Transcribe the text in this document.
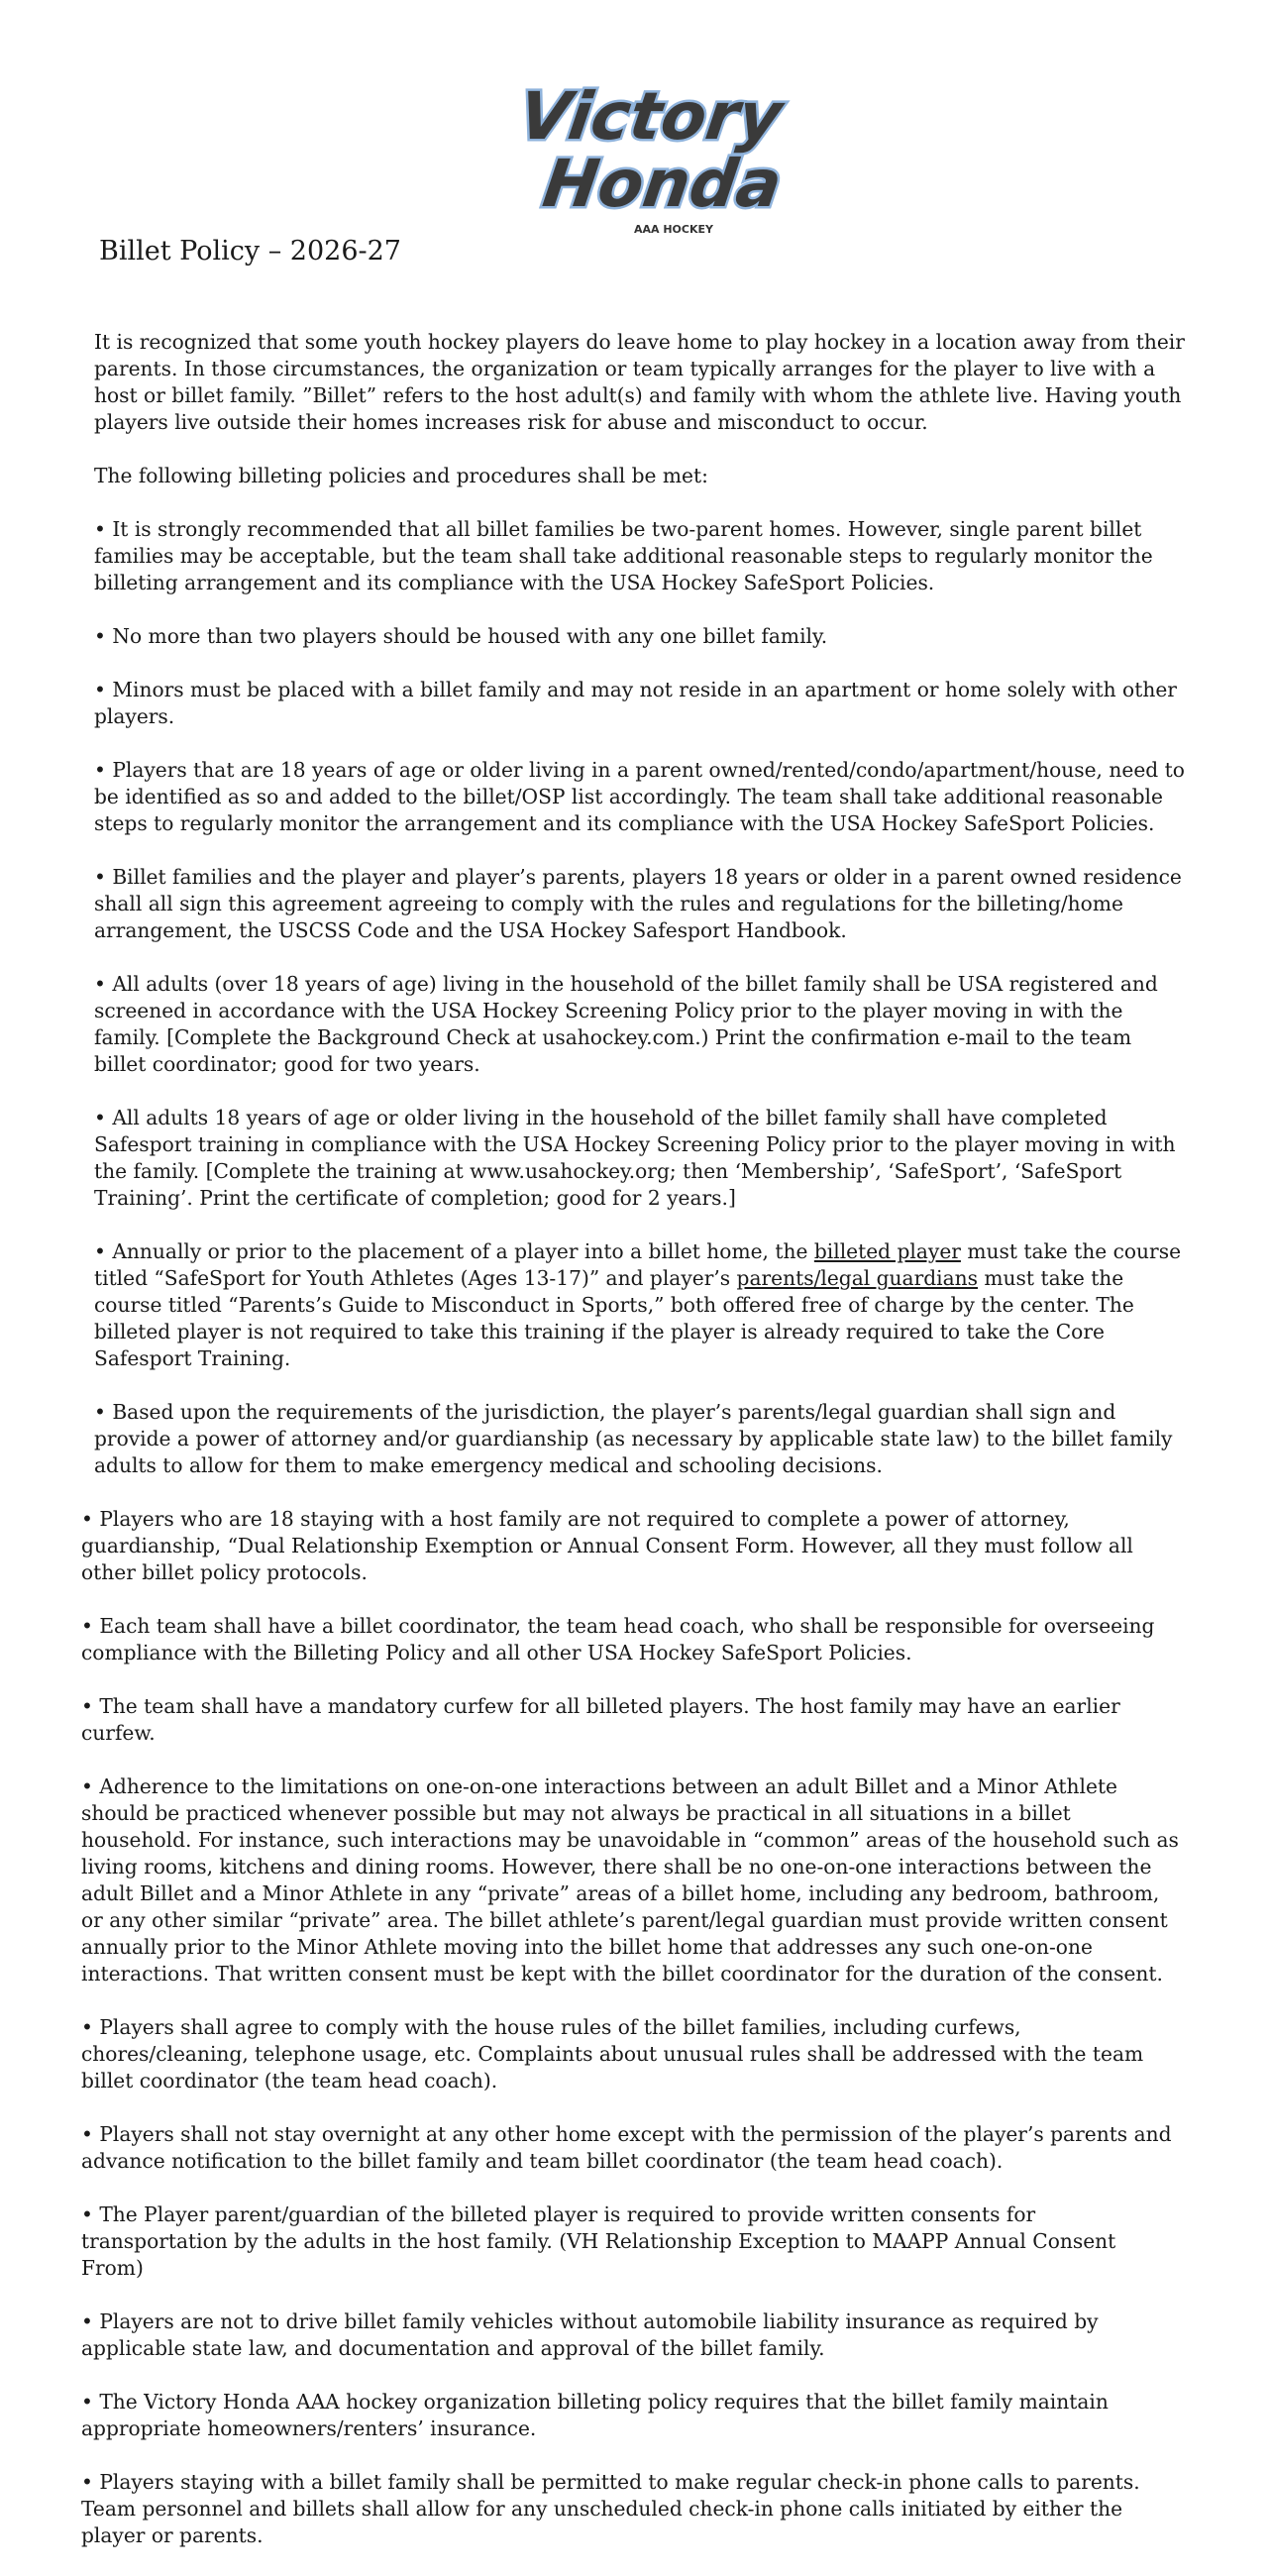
Victory
Honda
AAA HOCKEY
Billet Policy – 2026-27

It is recognized that some youth hockey players do leave home to play hockey in a location away from their parents. In those circumstances, the organization or team typically arranges for the player to live with a host or billet family. ”Billet” refers to the host adult(s) and family with whom the athlete live. Having youth players live outside their homes increases risk for abuse and misconduct to occur.

The following billeting policies and procedures shall be met:

• It is strongly recommended that all billet families be two-parent homes. However, single parent billet families may be acceptable, but the team shall take additional reasonable steps to regularly monitor the billeting arrangement and its compliance with the USA Hockey SafeSport Policies.

• No more than two players should be housed with any one billet family.

• Minors must be placed with a billet family and may not reside in an apartment or home solely with other players.

• Players that are 18 years of age or older living in a parent owned/rented/condo/apartment/house, need to be identified as so and added to the billet/OSP list accordingly. The team shall take additional reasonable steps to regularly monitor the arrangement and its compliance with the USA Hockey SafeSport Policies.

• Billet families and the player and player’s parents, players 18 years or older in a parent owned residence shall all sign this agreement agreeing to comply with the rules and regulations for the billeting/home arrangement, the USCSS Code and the USA Hockey Safesport Handbook.

• All adults (over 18 years of age) living in the household of the billet family shall be USA registered and screened in accordance with the USA Hockey Screening Policy prior to the player moving in with the family. [Complete the Background Check at usahockey.com.) Print the confirmation e-mail to the team billet coordinator; good for two years.

• All adults 18 years of age or older living in the household of the billet family shall have completed Safesport training in compliance with the USA Hockey Screening Policy prior to the player moving in with the family. [Complete the training at www.usahockey.org; then ‘Membership’, ‘SafeSport’, ‘SafeSport Training’. Print the certificate of completion; good for 2 years.]

• Annually or prior to the placement of a player into a billet home, the billeted player must take the course titled “SafeSport for Youth Athletes (Ages 13-17)” and player’s parents/legal guardians must take the course titled “Parents’s Guide to Misconduct in Sports,” both offered free of charge by the center. The billeted player is not required to take this training if the player is already required to take the Core Safesport Training.

• Based upon the requirements of the jurisdiction, the player’s parents/legal guardian shall sign and provide a power of attorney and/or guardianship (as necessary by applicable state law) to the billet family adults to allow for them to make emergency medical and schooling decisions.

• Players who are 18 staying with a host family are not required to complete a power of attorney, guardianship, “Dual Relationship Exemption or Annual Consent Form. However, all they must follow all other billet policy protocols.

• Each team shall have a billet coordinator, the team head coach, who shall be responsible for overseeing compliance with the Billeting Policy and all other USA Hockey SafeSport Policies.

• The team shall have a mandatory curfew for all billeted players. The host family may have an earlier curfew.

• Adherence to the limitations on one-on-one interactions between an adult Billet and a Minor Athlete should be practiced whenever possible but may not always be practical in all situations in a billet household. For instance, such interactions may be unavoidable in “common” areas of the household such as living rooms, kitchens and dining rooms. However, there shall be no one-on-one interactions between the adult Billet and a Minor Athlete in any “private” areas of a billet home, including any bedroom, bathroom, or any other similar “private” area. The billet athlete’s parent/legal guardian must provide written consent annually prior to the Minor Athlete moving into the billet home that addresses any such one-on-one interactions. That written consent must be kept with the billet coordinator for the duration of the consent.

• Players shall agree to comply with the house rules of the billet families, including curfews, chores/cleaning, telephone usage, etc. Complaints about unusual rules shall be addressed with the team billet coordinator (the team head coach).

• Players shall not stay overnight at any other home except with the permission of the player’s parents and advance notification to the billet family and team billet coordinator (the team head coach).

• The Player parent/guardian of the billeted player is required to provide written consents for transportation by the adults in the host family. (VH Relationship Exception to MAAPP Annual Consent From)

• Players are not to drive billet family vehicles without automobile liability insurance as required by applicable state law, and documentation and approval of the billet family.

• The Victory Honda AAA hockey organization billeting policy requires that the billet family maintain appropriate homeowners/renters’ insurance.

• Players staying with a billet family shall be permitted to make regular check-in phone calls to parents. Team personnel and billets shall allow for any unscheduled check-in phone calls initiated by either the player or parents.
